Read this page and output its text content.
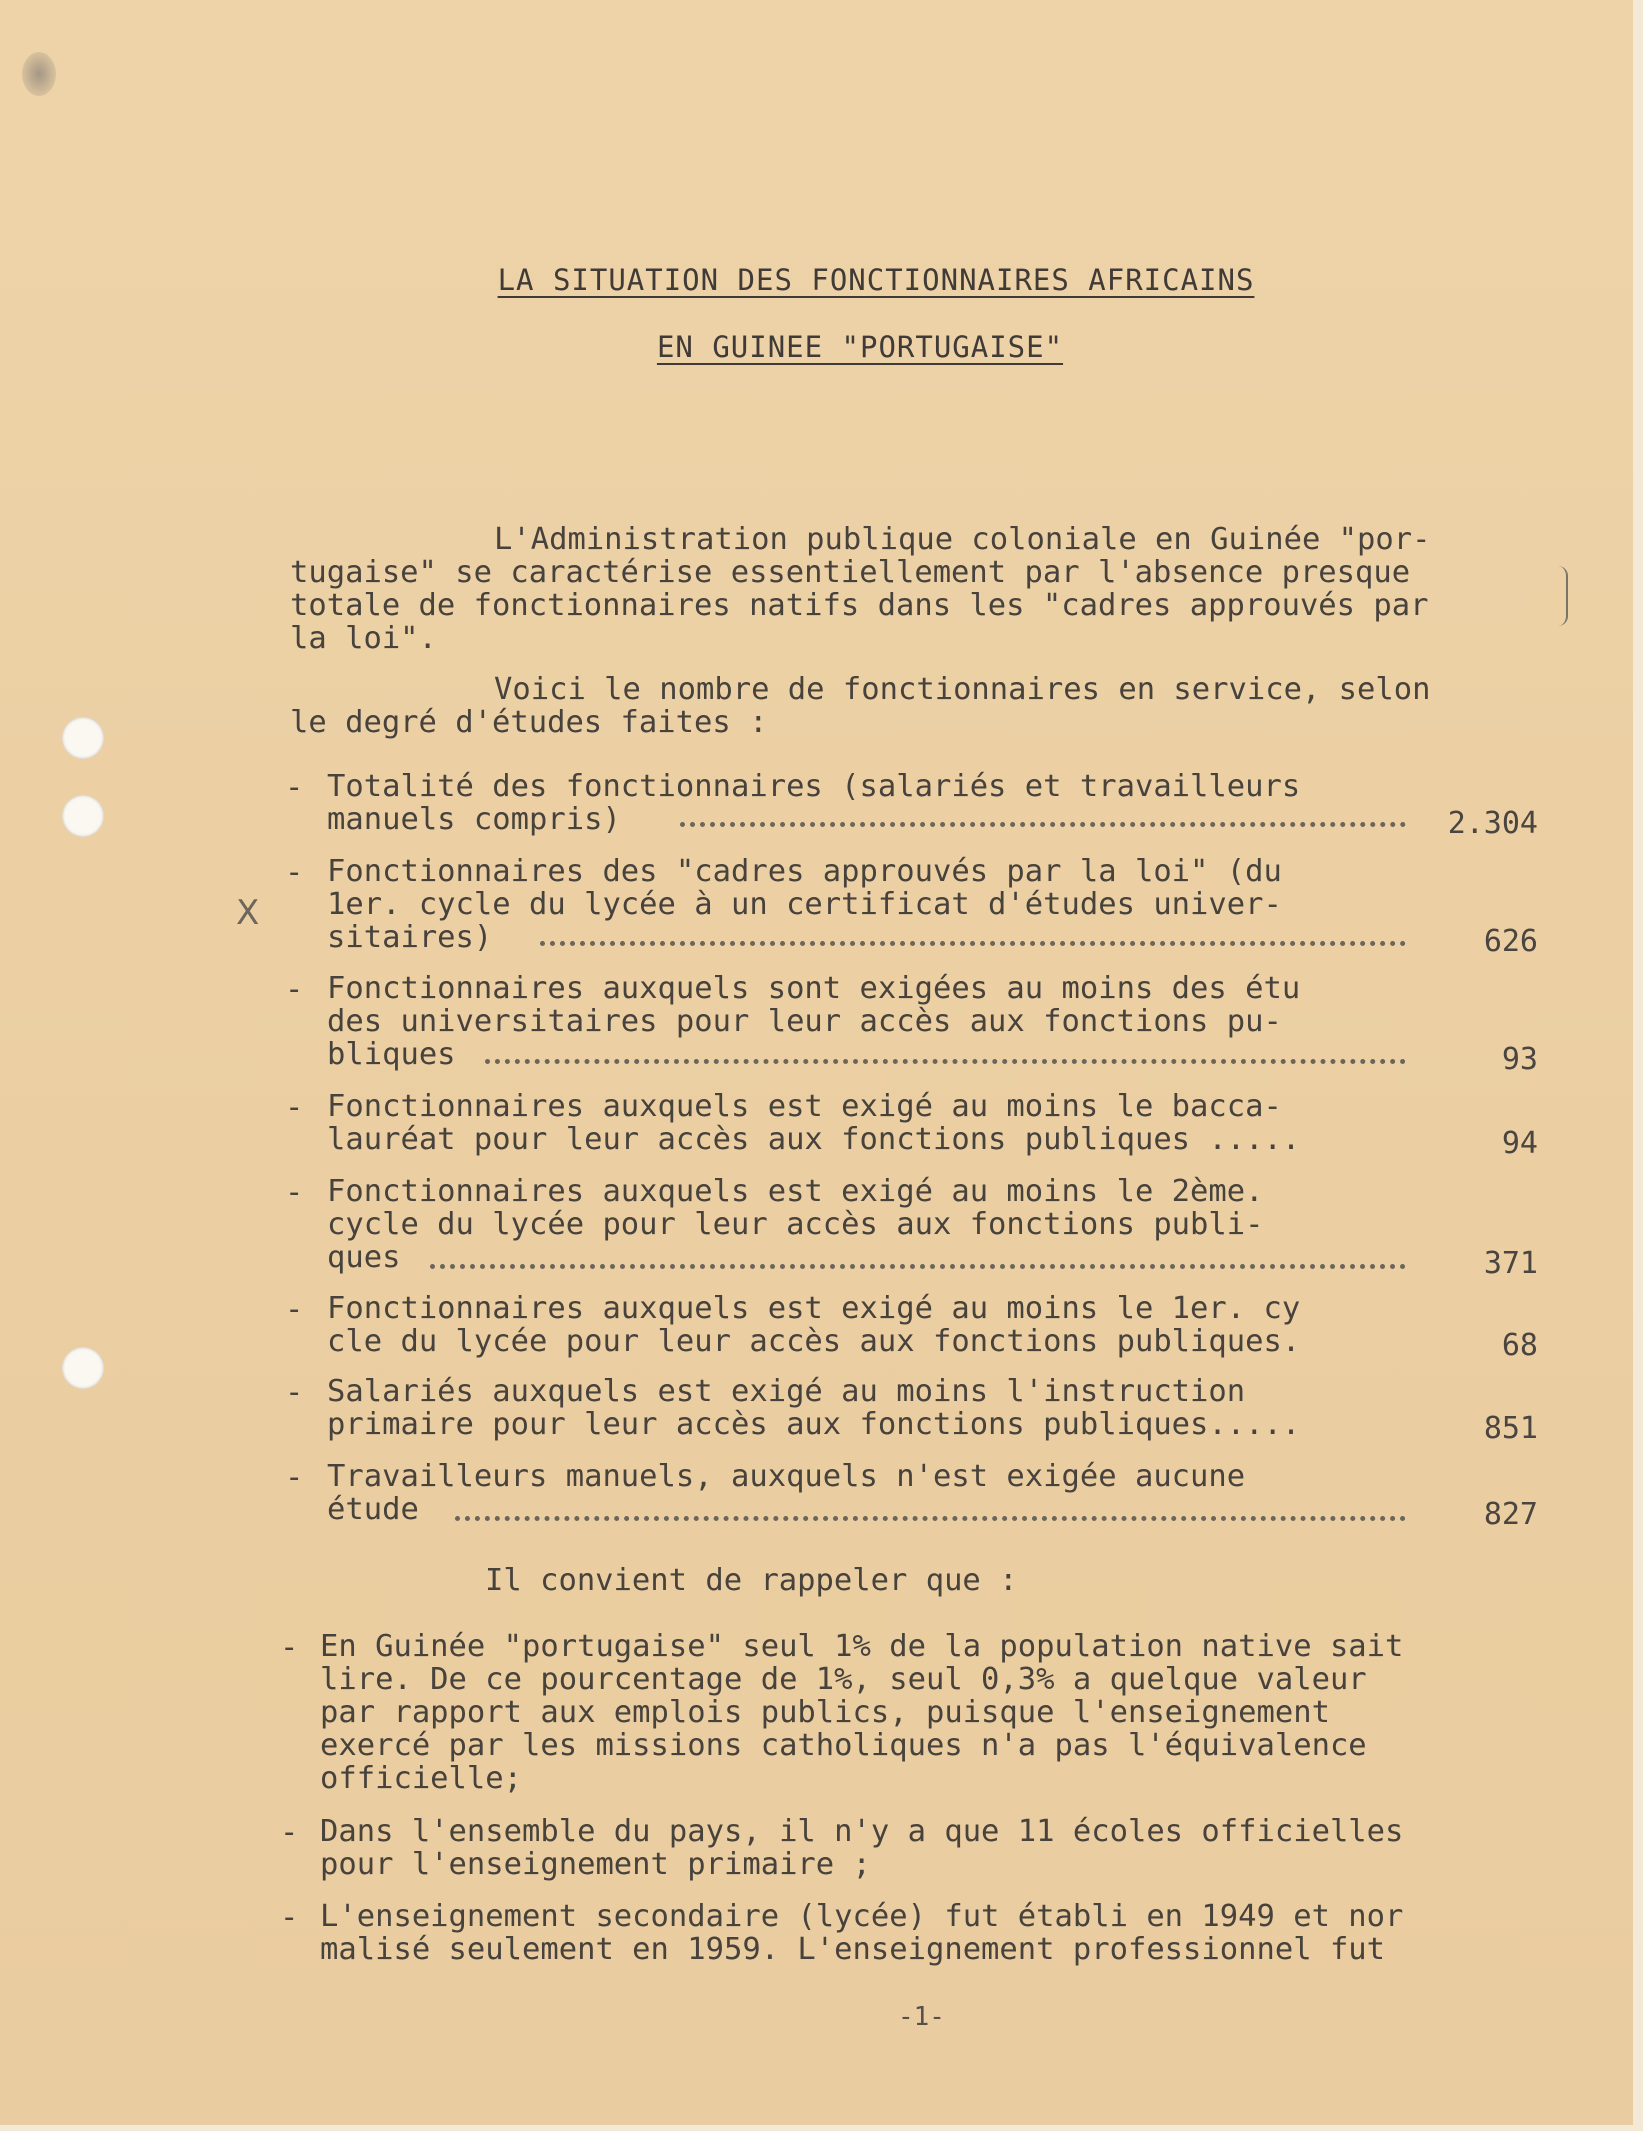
LA SITUATION DES FONCTIONNAIRES AFRICAINS
EN GUINEE "PORTUGAISE"
L'Administration publique coloniale en Guinée "por-
tugaise" se caractérise essentiellement par l'absence presque
totale de fonctionnaires natifs dans les "cadres approuvés par
la loi".
Voici le nombre de fonctionnaires en service, selon
le degré d'études faites :
- Totalité des fonctionnaires (salariés et travailleurs
manuels compris)	2.304
- Fonctionnaires des "cadres approuvés par la loi" (du
1er. cycle du lycée à un certificat d'études univer-
sitaires)	626
X
- Fonctionnaires auxquels sont exigées au moins des étu
des universitaires pour leur accès aux fonctions pu-
bliques	93
- Fonctionnaires auxquels est exigé au moins le bacca-
lauréat pour leur accès aux fonctions publiques .....	94
- Fonctionnaires auxquels est exigé au moins le 2ème.
cycle du lycée pour leur accès aux fonctions publi-
ques	371
- Fonctionnaires auxquels est exigé au moins le 1er. cy
cle du lycée pour leur accès aux fonctions publiques.	68
- Salariés auxquels est exigé au moins l'instruction
primaire pour leur accès aux fonctions publiques.....	851
- Travailleurs manuels, auxquels n'est exigée aucune
étude	827
Il convient de rappeler que :
- En Guinée "portugaise" seul 1% de la population native sait
lire. De ce pourcentage de 1%, seul 0,3% a quelque valeur
par rapport aux emplois publics, puisque l'enseignement
exercé par les missions catholiques n'a pas l'équivalence
officielle;
- Dans l'ensemble du pays, il n'y a que 11 écoles officielles
pour l'enseignement primaire ;
- L'enseignement secondaire (lycée) fut établi en 1949 et nor
malisé seulement en 1959. L'enseignement professionnel fut
-1-
